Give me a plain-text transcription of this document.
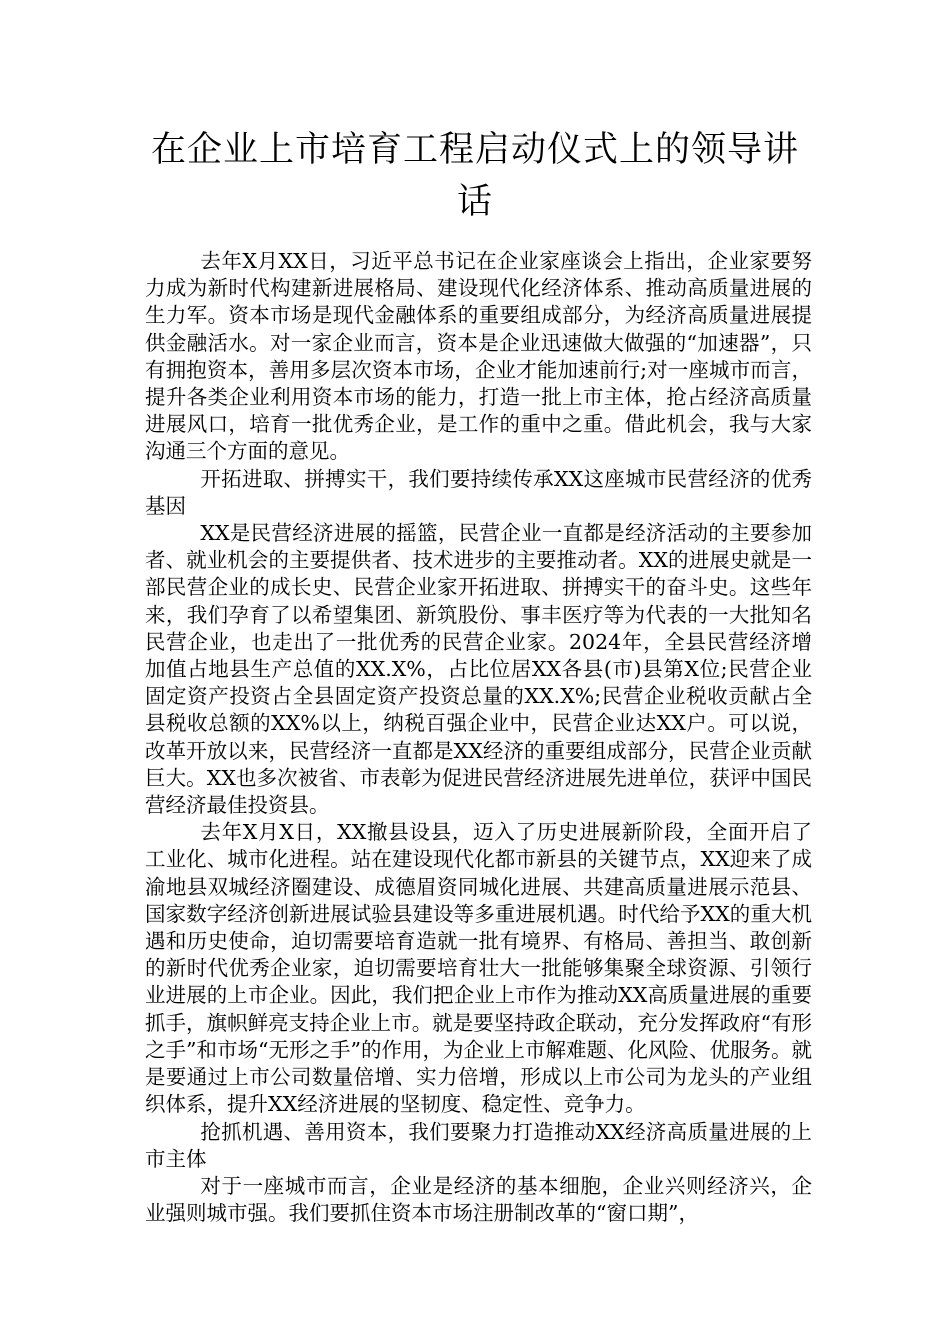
在企业上市培育工程启动仪式上的领导讲话

去年X月XX日，习近平总书记在企业家座谈会上指出，企业家要努力成为新时代构建新进展格局、建设现代化经济体系、推动高质量进展的生力军。资本市场是现代金融体系的重要组成部分，为经济高质量进展提供金融活水。对一家企业而言，资本是企业迅速做大做强的“加速器”，只有拥抱资本，善用多层次资本市场，企业才能加速前行;对一座城市而言，提升各类企业利用资本市场的能力，打造一批上市主体，抢占经济高质量进展风口，培育一批优秀企业，是工作的重中之重。借此机会，我与大家沟通三个方面的意见。

开拓进取、拼搏实干，我们要持续传承XX这座城市民营经济的优秀基因

XX是民营经济进展的摇篮，民营企业一直都是经济活动的主要参加者、就业机会的主要提供者、技术进步的主要推动者。XX的进展史就是一部民营企业的成长史、民营企业家开拓进取、拼搏实干的奋斗史。这些年来，我们孕育了以希望集团、新筑股份、事丰医疗等为代表的一大批知名民营企业，也走出了一批优秀的民营企业家。2024年，全县民营经济增加值占地县生产总值的XX.X%，占比位居XX各县(市)县第X位;民营企业固定资产投资占全县固定资产投资总量的XX.X%;民营企业税收贡献占全县税收总额的XX%以上，纳税百强企业中，民营企业达XX户。可以说，改革开放以来，民营经济一直都是XX经济的重要组成部分，民营企业贡献巨大。XX也多次被省、市表彰为促进民营经济进展先进单位，获评中国民营经济最佳投资县。

去年X月X日，XX撤县设县，迈入了历史进展新阶段，全面开启了工业化、城市化进程。站在建设现代化都市新县的关键节点，XX迎来了成渝地县双城经济圈建设、成德眉资同城化进展、共建高质量进展示范县、国家数字经济创新进展试验县建设等多重进展机遇。时代给予XX的重大机遇和历史使命，迫切需要培育造就一批有境界、有格局、善担当、敢创新的新时代优秀企业家，迫切需要培育壮大一批能够集聚全球资源、引领行业进展的上市企业。因此，我们把企业上市作为推动XX高质量进展的重要抓手，旗帜鲜亮支持企业上市。就是要坚持政企联动，充分发挥政府“有形之手”和市场“无形之手”的作用，为企业上市解难题、化风险、优服务。就是要通过上市公司数量倍增、实力倍增，形成以上市公司为龙头的产业组织体系，提升XX经济进展的坚韧度、稳定性、竞争力。

抢抓机遇、善用资本，我们要聚力打造推动XX经济高质量进展的上市主体

对于一座城市而言，企业是经济的基本细胞，企业兴则经济兴，企业强则城市强。我们要抓住资本市场注册制改革的“窗口期”，
